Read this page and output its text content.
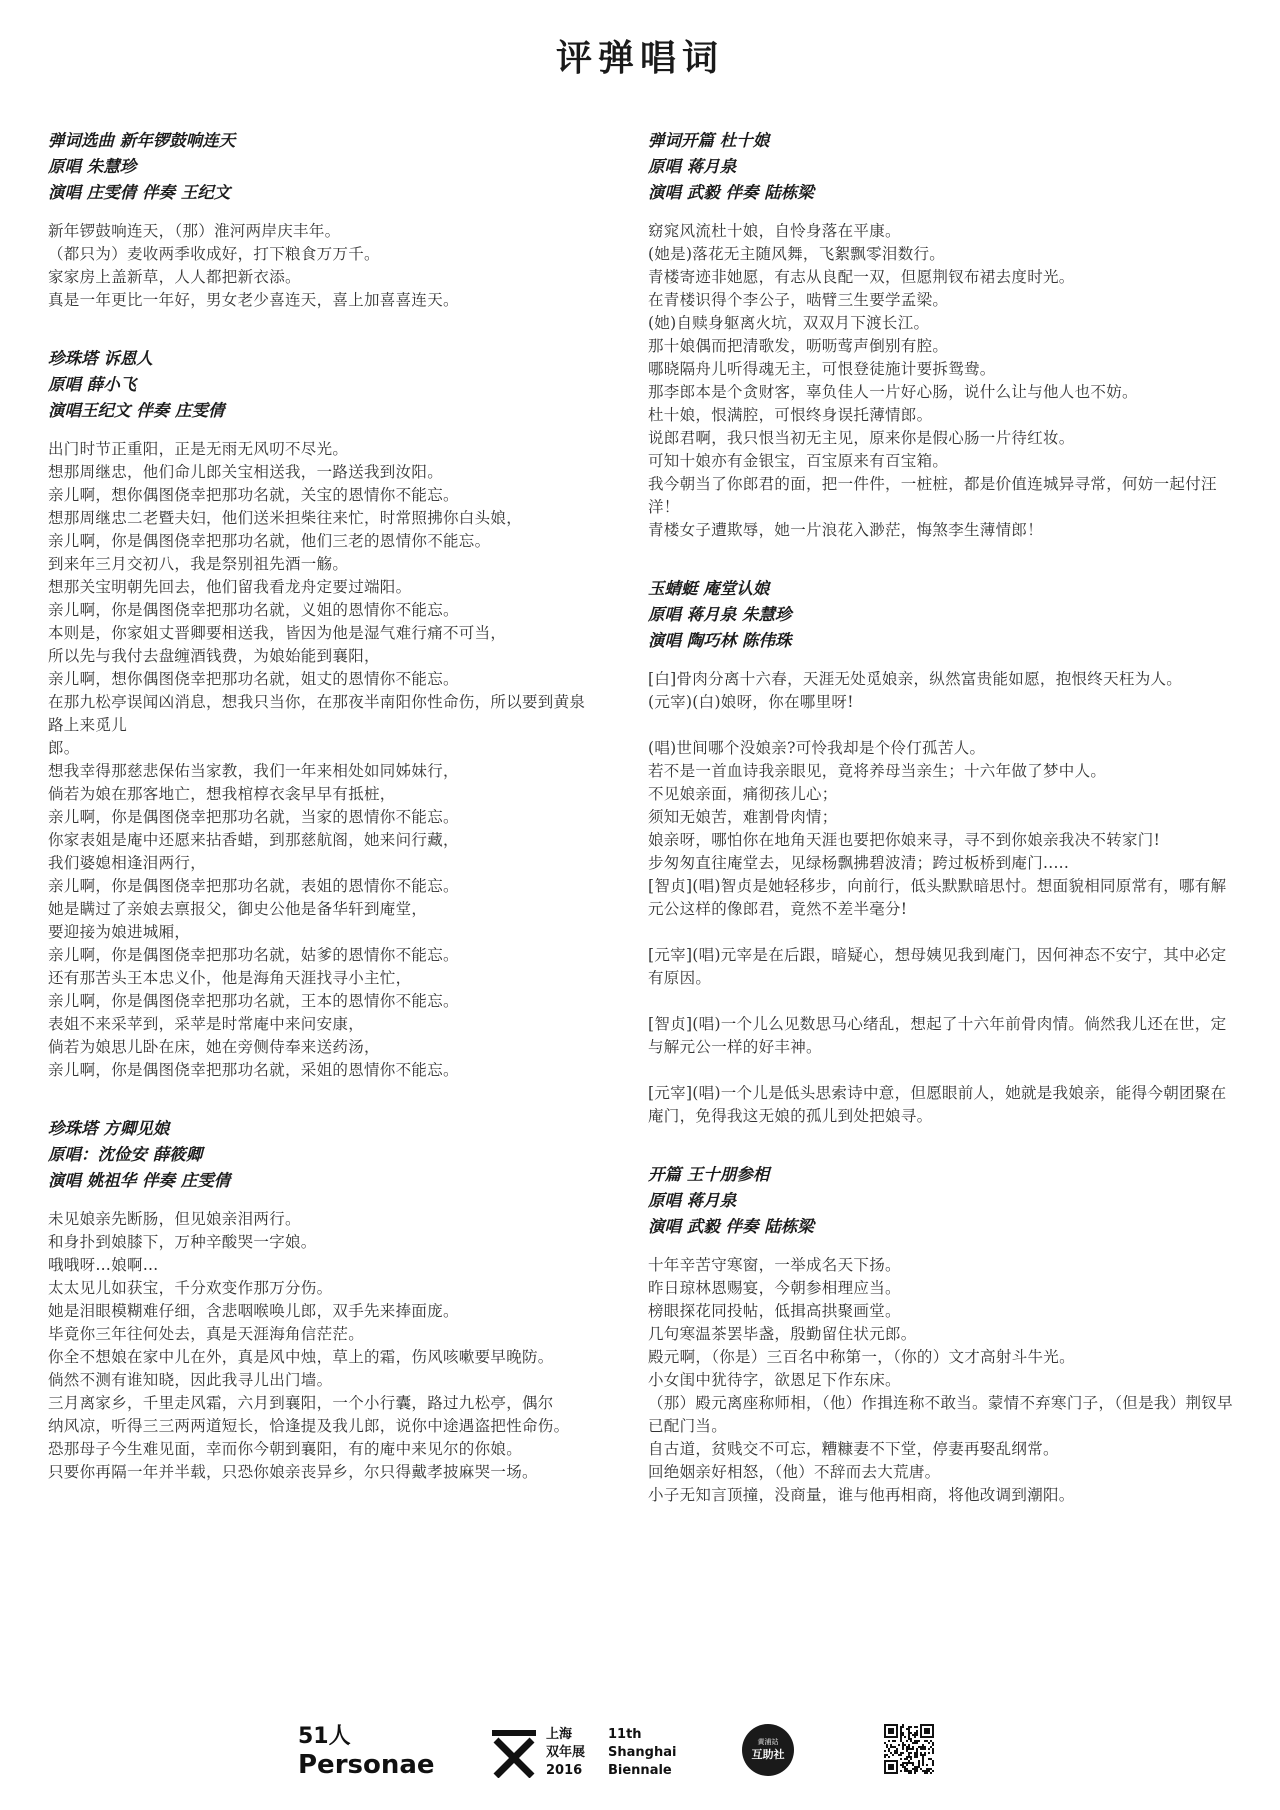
评弹唱词
弹词选曲 新年锣鼓响连天
原唱 朱慧珍
演唱 庄雯倩 伴奏 王纪文

新年锣鼓响连天，（那）淮河两岸庆丰年。

（都只为）麦收两季收成好，打下粮食万万千。

家家房上盖新草，人人都把新衣添。

真是一年更比一年好，男女老少喜连天，喜上加喜喜连天。

珍珠塔 诉恩人
原唱 薛小飞
演唱王纪文 伴奏 庄雯倩

出门时节正重阳，正是无雨无风叨不尽光。

想那周继忠，他们命儿郎关宝相送我，一路送我到汝阳。

亲儿啊，想你偶图侥幸把那功名就，关宝的恩情你不能忘。

想那周继忠二老暨夫妇，他们送米担柴往来忙，时常照拂你白头娘，

亲儿啊，你是偶图侥幸把那功名就，他们三老的恩情你不能忘。

到来年三月交初八，我是祭别祖先酒一觞。

想那关宝明朝先回去，他们留我看龙舟定要过端阳。

亲儿啊，你是偶图侥幸把那功名就，义姐的恩情你不能忘。

本则是，你家姐丈晋卿要相送我，皆因为他是湿气难行痛不可当，

所以先与我付去盘缠酒钱费，为娘始能到襄阳，

亲儿啊，想你偶图侥幸把那功名就，姐丈的恩情你不能忘。

在那九松亭误闻凶消息，想我只当你，在那夜半南阳你性命伤，所以要到黄泉路上来觅儿

郎。

想我幸得那慈悲保佑当家教，我们一年来相处如同姊妹行，

倘若为娘在那客地亡，想我棺椁衣衾早早有抵桩，

亲儿啊，你是偶图侥幸把那功名就，当家的恩情你不能忘。

你家表姐是庵中还愿来拈香蜡，到那慈航阁，她来问行藏，

我们婆媳相逢泪两行，

亲儿啊，你是偶图侥幸把那功名就，表姐的恩情你不能忘。

她是瞒过了亲娘去禀报父，御史公他是备华轩到庵堂，

要迎接为娘进城厢，

亲儿啊，你是偶图侥幸把那功名就，姑爹的恩情你不能忘。

还有那苦头王本忠义仆，他是海角天涯找寻小主忙，

亲儿啊，你是偶图侥幸把那功名就，王本的恩情你不能忘。

表姐不来采苹到，采苹是时常庵中来问安康，

倘若为娘思儿卧在床，她在旁侧侍奉来送药汤，

亲儿啊，你是偶图侥幸把那功名就，采姐的恩情你不能忘。

珍珠塔 方卿见娘
原唱：沈俭安 薛筱卿
演唱 姚祖华 伴奏 庄雯倩

未见娘亲先断肠，但见娘亲泪两行。

和身扑到娘膝下，万种辛酸哭一字娘。

哦哦呀…娘啊…

太太见儿如获宝，千分欢变作那万分伤。

她是泪眼模糊难仔细，含悲咽喉唤儿郎，双手先来捧面庞。

毕竟你三年往何处去，真是天涯海角信茫茫。

你全不想娘在家中儿在外，真是风中烛，草上的霜，伤风咳嗽要早晚防。

倘然不测有谁知晓，因此我寻儿出门墙。

三月离家乡，千里走风霜，六月到襄阳，一个小行囊，路过九松亭，偶尔

纳风凉，听得三三两两道短长，恰逢提及我儿郎，说你中途遇盗把性命伤。

恐那母子今生难见面，幸而你今朝到襄阳，有的庵中来见尔的你娘。

只要你再隔一年并半载，只恐你娘亲丧异乡，尔只得戴孝披麻哭一场。

弹词开篇 杜十娘
原唱 蒋月泉
演唱 武毅 伴奏 陆栋梁

窈窕风流杜十娘，自怜身落在平康。

(她是)落花无主随风舞，飞絮飘零泪数行。

青楼寄迹非她愿，有志从良配一双，但愿荆钗布裙去度时光。

在青楼识得个李公子，啮臂三生要学孟梁。

(她)自赎身躯离火坑，双双月下渡长江。

那十娘偶而把清歌发，呖呖莺声倒别有腔。

哪晓隔舟儿听得魂无主，可恨登徒施计要拆鸳鸯。

那李郎本是个贪财客，辜负佳人一片好心肠，说什么让与他人也不妨。

杜十娘，恨满腔，可恨终身误托薄情郎。

说郎君啊，我只恨当初无主见，原来你是假心肠一片待红妆。

可知十娘亦有金银宝，百宝原来有百宝箱。

我今朝当了你郎君的面，把一件件，一桩桩，都是价值连城异寻常，何妨一起付汪洋！

青楼女子遭欺辱，她一片浪花入渺茫，悔煞李生薄情郎！

玉蜻蜓 庵堂认娘
原唱 蒋月泉 朱慧珍
演唱 陶巧林 陈伟珠

[白]骨肉分离十六春，天涯无处觅娘亲，纵然富贵能如愿，抱恨终天枉为人。

(元宰)(白)娘呀，你在哪里呀!

(唱)世间哪个没娘亲?可怜我却是个伶仃孤苦人。

若不是一首血诗我亲眼见，竟将养母当亲生；十六年做了梦中人。

不见娘亲面，痛彻孩儿心；

须知无娘苦，难割骨肉情；

娘亲呀，哪怕你在地角天涯也要把你娘来寻，寻不到你娘亲我决不转家门!

步匆匆直往庵堂去，见绿杨飘拂碧波清；跨过板桥到庵门.....

[智贞](唱)智贞是她轻移步，向前行，低头默默暗思忖。想面貌相同原常有，哪有解元公这样的像郎君，竟然不差半毫分!

[元宰](唱)元宰是在后跟，暗疑心，想母姨见我到庵门，因何神态不安宁，其中必定有原因。

[智贞](唱)一个儿么见数思马心绪乱，想起了十六年前骨肉情。倘然我儿还在世，定与解元公一样的好丰神。

[元宰](唱)一个儿是低头思索诗中意，但愿眼前人，她就是我娘亲，能得今朝团聚在庵门，免得我这无娘的孤儿到处把娘寻。

开篇 王十朋参相
原唱 蒋月泉
演唱 武毅 伴奏 陆栋梁

十年辛苦守寒窗，一举成名天下扬。

昨日琼林恩赐宴，今朝参相理应当。

榜眼探花同投帖，低揖高拱聚画堂。

几句寒温茶罢毕盏，殷勤留住状元郎。

殿元啊，（你是）三百名中称第一，（你的）文才高射斗牛光。

小女闺中犹待字，欲恩足下作东床。

（那）殿元离座称师相，（他）作揖连称不敢当。蒙情不弃寒门子，（但是我）荆钗早已配门当。

自古道，贫贱交不可忘，糟糠妻不下堂，停妻再娶乱纲常。

回绝姻亲好相怒，（他）不辞而去大荒唐。

小子无知言顶撞，没商量，谁与他再相商，将他改调到潮阳。

51人
Personae
上海
双年展
2016
11th
Shanghai
Biennale
黄浦站
互助社
